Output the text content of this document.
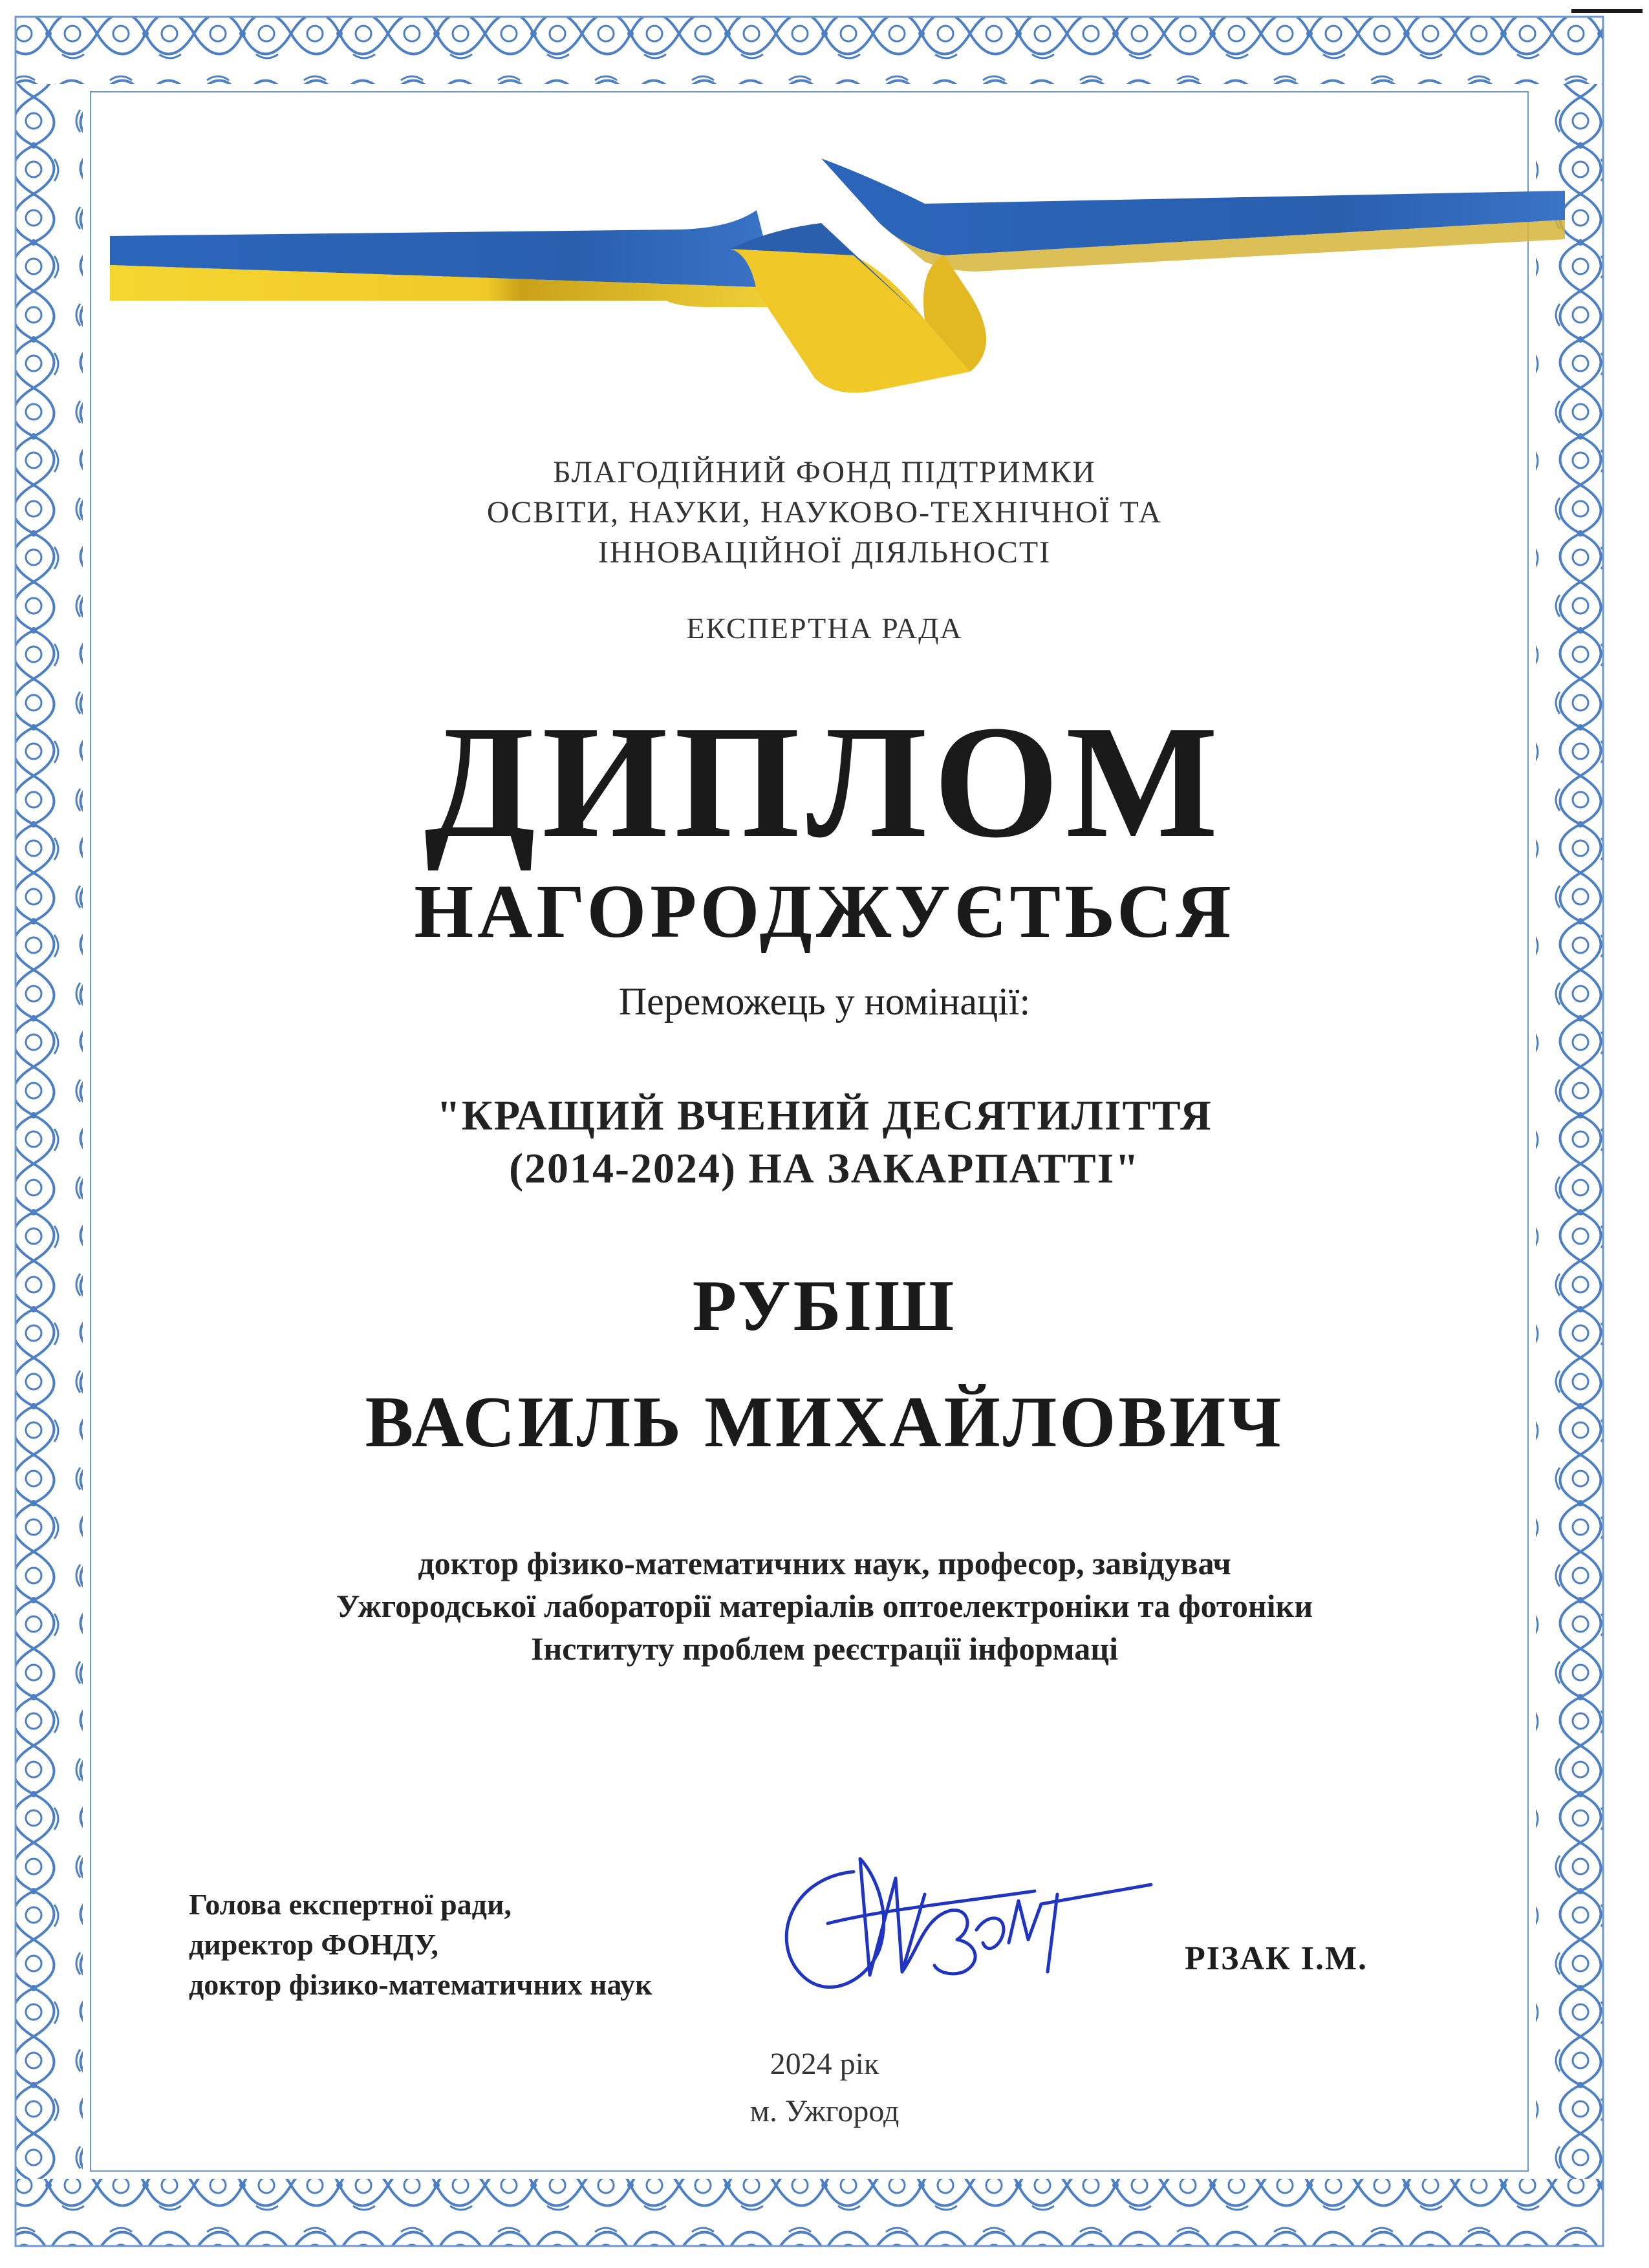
БЛАГОДІЙНИЙ ФОНД ПІДТРИМКИ
ОСВІТИ, НАУКИ, НАУКОВО-ТЕХНІЧНОЇ ТА
ІННОВАЦІЙНОЇ ДІЯЛЬНОСТІ
ЕКСПЕРТНА РАДА
ДИПЛОМ
НАГОРОДЖУЄТЬСЯ
Переможець у номінації:
"КРАЩИЙ ВЧЕНИЙ ДЕСЯТИЛІТТЯ
(2014-2024) НА ЗАКАРПАТТІ"
РУБІШ
ВАСИЛЬ МИХАЙЛОВИЧ
доктор фізико-математичних наук, професор, завідувач
Ужгородської лабораторії матеріалів оптоелектроніки та фотоніки
Інституту проблем реєстрації інформаці
Голова експертної ради,
директор ФОНДУ,
доктор фізико-математичних наук
РІЗАК І.М.
2024 рік
м. Ужгород
